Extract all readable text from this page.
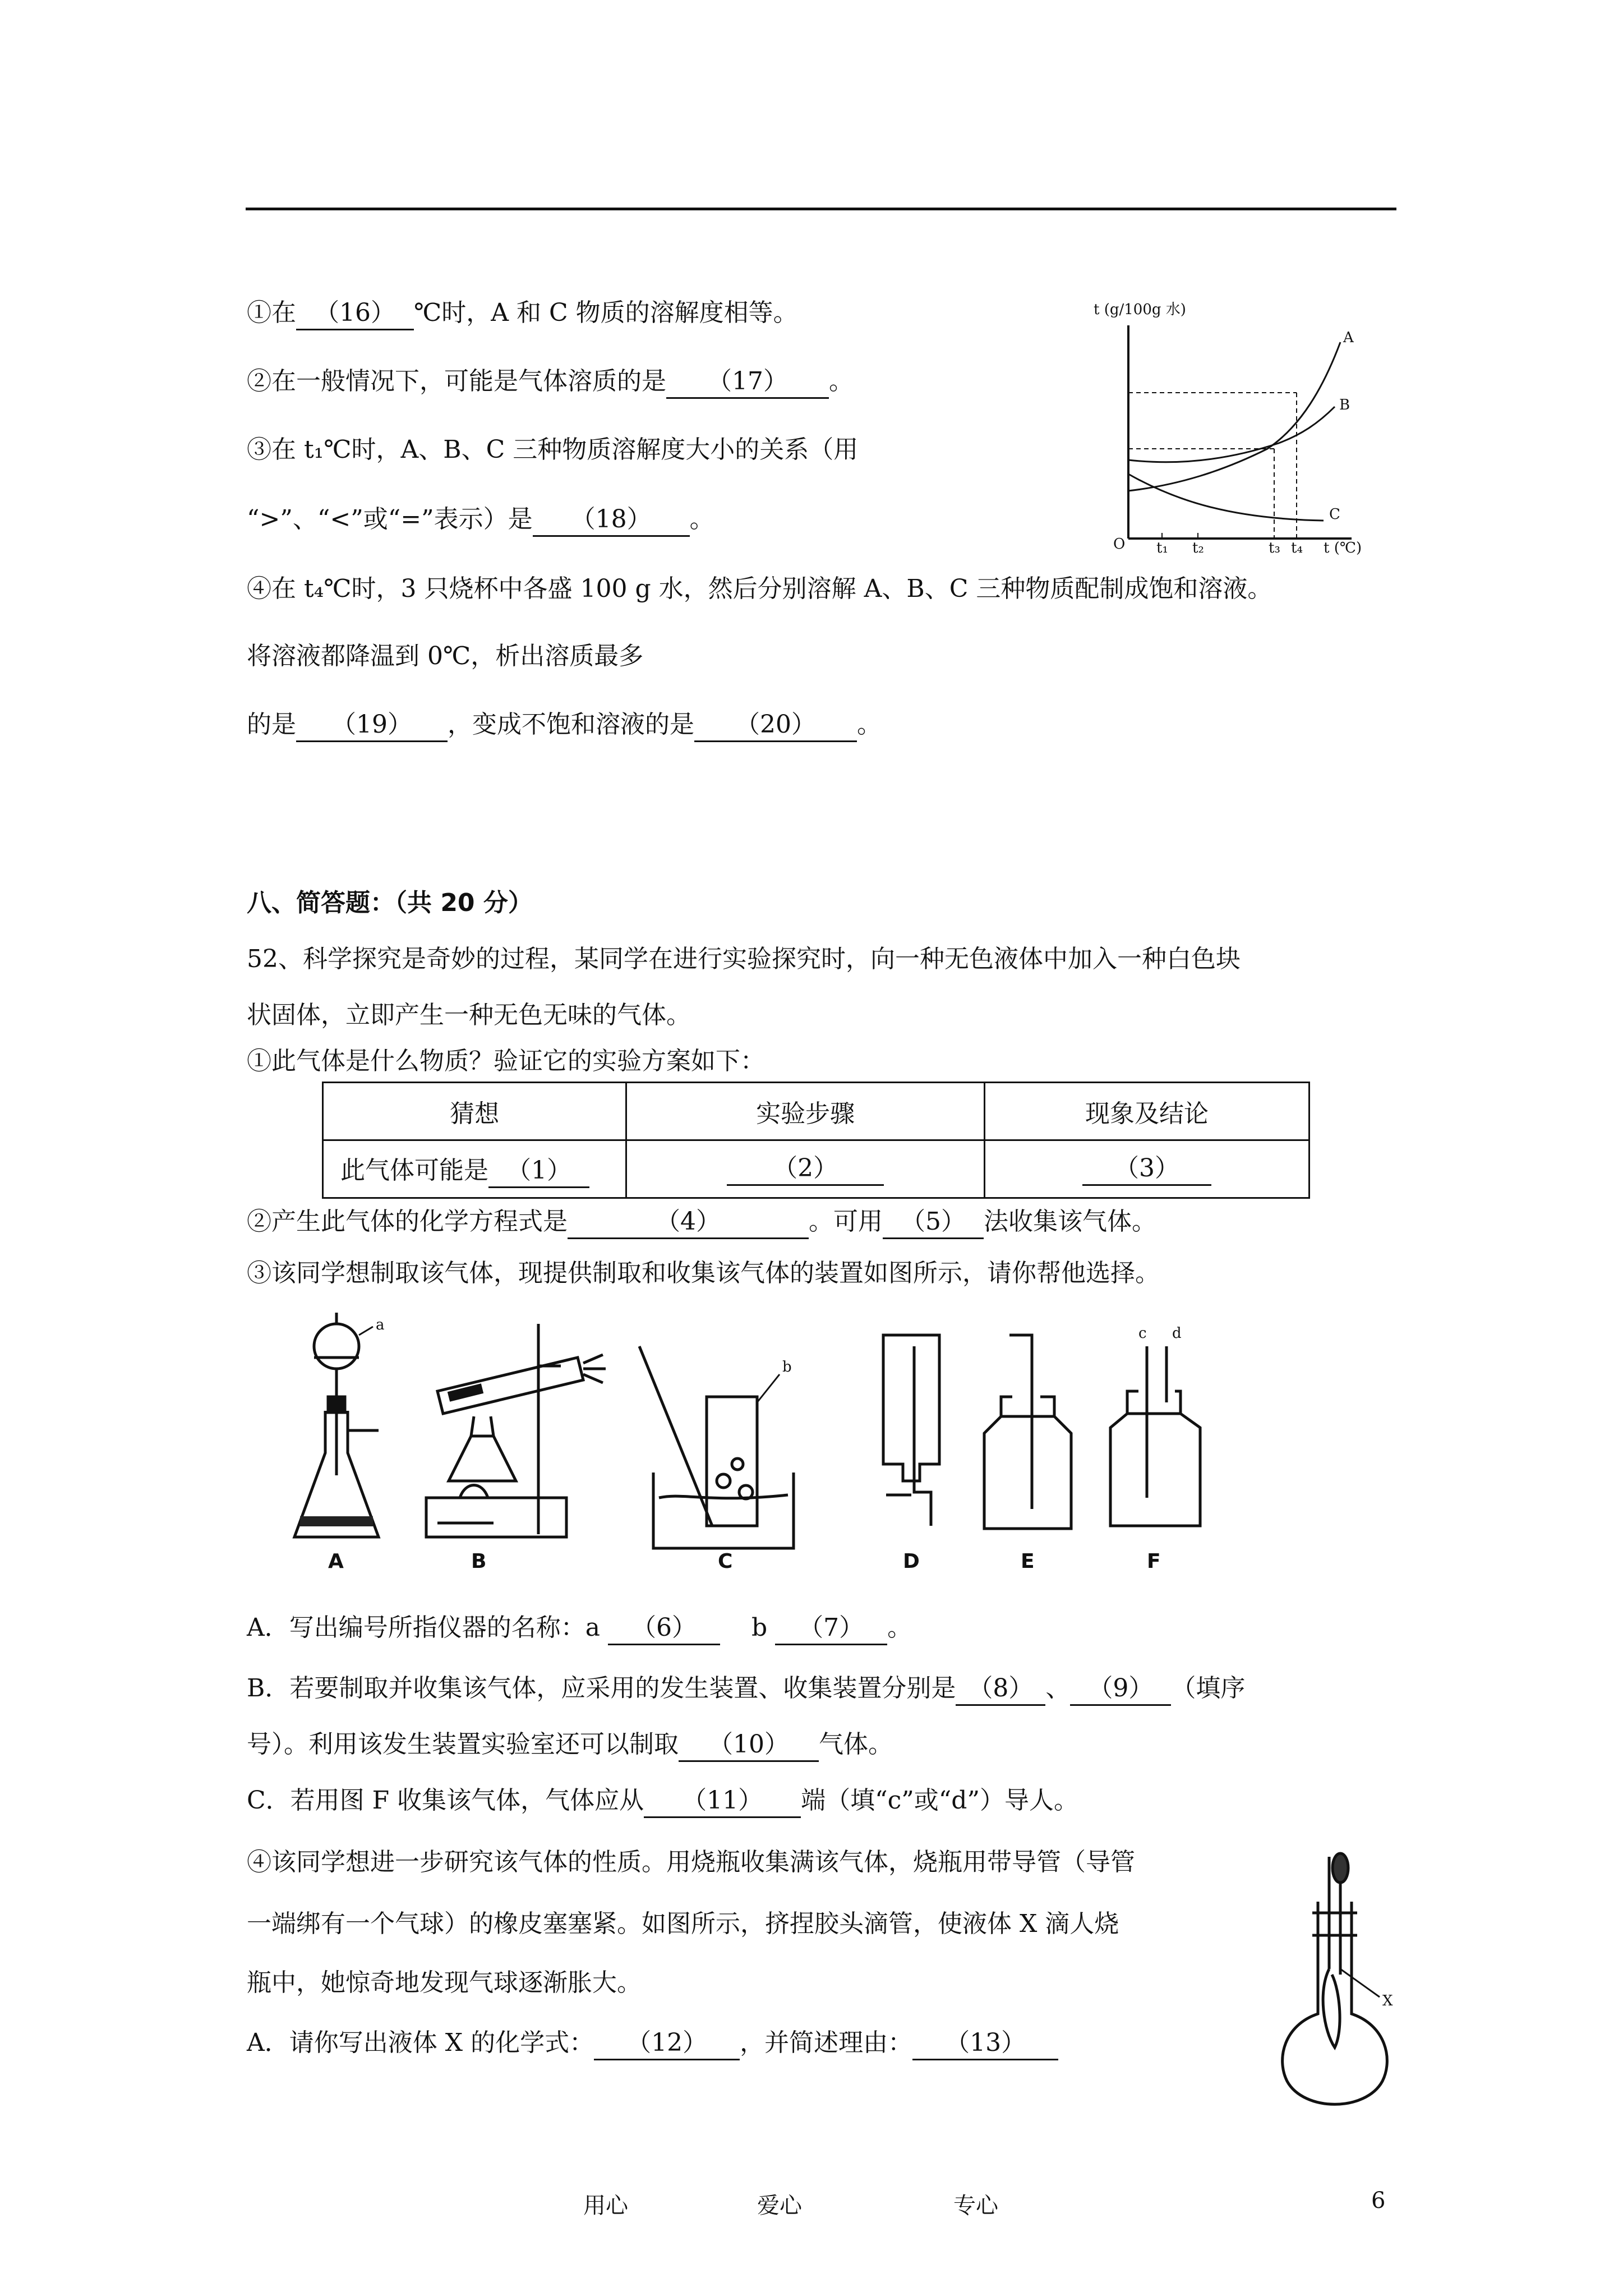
①在 （16） ℃时，A 和 C 物质的溶解度相等。
②在一般情况下，可能是气体溶质的是 （17） 。
③在 t₁℃时，A、B、C 三种物质溶解度大小的关系（用
“>”、“<”或“=”表示）是 （18） 。
④在 t₄℃时，3 只烧杯中各盛 100 g 水，然后分别溶解 A、B、C 三种物质配制成饱和溶液。
将溶液都降温到 0℃，析出溶质最多
的是 （19） ，变成不饱和溶液的是 （20） 。
t (g/100g 水)
A
B
C
O t₁ t₂	t₃ t₄ t (℃)
八、简答题：（共 20 分）
52、科学探究是奇妙的过程，某同学在进行实验探究时，向一种无色液体中加入一种白色块
状固体，立即产生一种无色无味的气体。
①此气体是什么物质？验证它的实验方案如下：
猜想	实验步骤	现象及结论
此气体可能是 （1）	（2）	（3）
②产生此气体的化学方程式是	（4）	。可用 （5） 法收集该气体。
③该同学想制取该气体，现提供制取和收集该气体的装置如图所示，请你帮他选择。
a
A	B
b
C	D	E
c d
F
A．写出编号所指仪器的名称：a （6） b （7） 。
B．若要制取并收集该气体，应采用的发生装置、收集装置分别是 （8） 、 （9） （填序
号）。利用该发生装置实验室还可以制取 （10） 气体。
C．若用图 F 收集该气体，气体应从 （11） 端（填“c”或“d”）导人。
④该同学想进一步研究该气体的性质。用烧瓶收集满该气体，烧瓶用带导管（导管
一端绑有一个气球）的橡皮塞塞紧。如图所示，挤捏胶头滴管，使液体 X 滴人烧
瓶中，她惊奇地发现气球逐渐胀大。
A．请你写出液体 X 的化学式： （12） ，并简述理由： （13）
X
用心	爱心	专心	6
